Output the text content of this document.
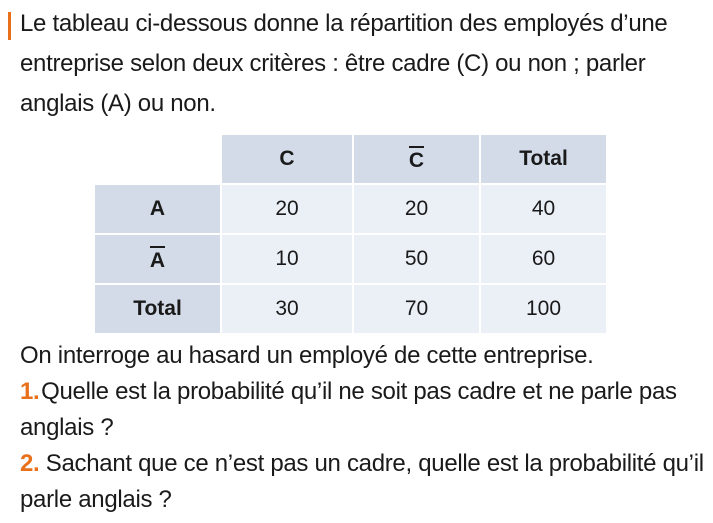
Le tableau ci-dessous donne la répartition des employés d’une entreprise selon deux critères : être cadre (C) ou non ; parler anglais (A) ou non.

	C	C	Total
A	20	20	40
A	10	50	60
Total	30	70	100
On interroge au hasard un employé de cette entreprise.
1. Quelle est la probabilité qu’il ne soit pas cadre et ne parle pas anglais ?
2. Sachant que ce n’est pas un cadre, quelle est la probabilité qu’il parle anglais ?
